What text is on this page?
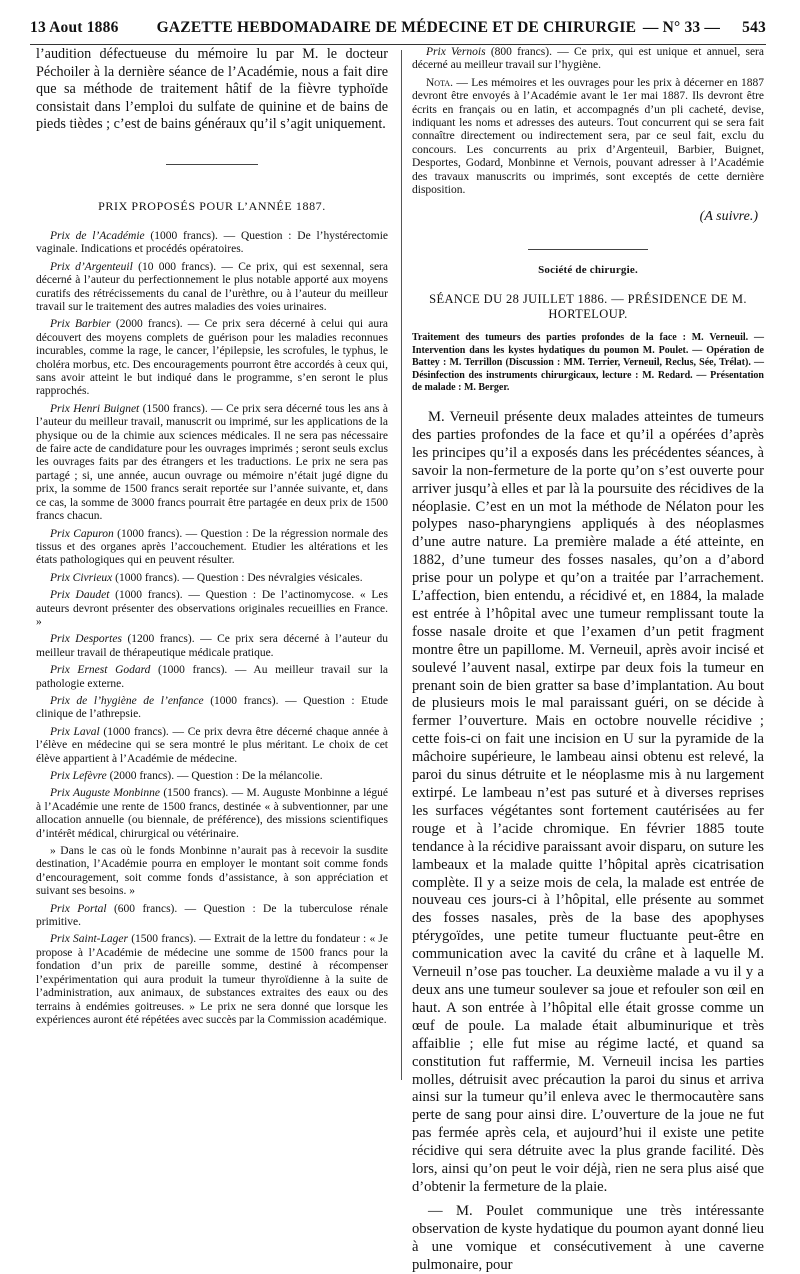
13 Aout 1886	GAZETTE HEBDOMADAIRE DE MÉDECINE ET DE CHIRURGIE — N° 33 — 543

l’audition défectueuse du mémoire lu par M. le docteur Péchoiler à la dernière séance de l’Académie, nous a fait dire que sa méthode de traitement hâtif de la fièvre typhoïde consistait dans l’emploi du sulfate de quinine et de bains de pieds tièdes ; c’est de bains généraux qu’il s’agit uniquement.

PRIX PROPOSÉS POUR L’ANNÉE 1887.

Prix de l’Académie (1000 francs). — Question : De l’hystérectomie vaginale. Indications et procédés opératoires.

Prix d’Argenteuil (10 000 francs). — Ce prix, qui est sexennal, sera décerné à l’auteur du perfectionnement le plus notable apporté aux moyens curatifs des rétrécissements du canal de l’urèthre, ou à l’auteur du meilleur travail sur le traitement des autres maladies des voies urinaires.

Prix Barbier (2000 francs). — Ce prix sera décerné à celui qui aura découvert des moyens complets de guérison pour les maladies reconnues incurables, comme la rage, le cancer, l’épilepsie, les scrofules, le typhus, le choléra morbus, etc. Des encouragements pourront être accordés à ceux qui, sans avoir atteint le but indiqué dans le programme, s’en seront le plus rapprochés.

Prix Henri Buignet (1500 francs). — Ce prix sera décerné tous les ans à l’auteur du meilleur travail, manuscrit ou imprimé, sur les applications de la physique ou de la chimie aux sciences médicales. Il ne sera pas nécessaire de faire acte de candidature pour les ouvrages imprimés ; seront seuls exclus les ouvrages faits par des étrangers et les traductions. Le prix ne sera pas partagé ; si, une année, aucun ouvrage ou mémoire n’était jugé digne du prix, la somme de 1500 francs serait reportée sur l’année suivante, et, dans ce cas, la somme de 3000 francs pourrait être partagée en deux prix de 1500 francs chacun.

Prix Capuron (1000 francs). — Question : De la régression normale des tissus et des organes après l’accouchement. Etudier les altérations et les états pathologiques qui en peuvent résulter.

Prix Civrieux (1000 francs). — Question : Des névralgies vésicales.

Prix Daudet (1000 francs). — Question : De l’actinomycose. « Les auteurs devront présenter des observations originales recueillies en France. »

Prix Desportes (1200 francs). — Ce prix sera décerné à l’auteur du meilleur travail de thérapeutique médicale pratique.

Prix Ernest Godard (1000 francs). — Au meilleur travail sur la pathologie externe.

Prix de l’hygiène de l’enfance (1000 francs). — Question : Etude clinique de l’athrepsie.

Prix Laval (1000 francs). — Ce prix devra être décerné chaque année à l’élève en médecine qui se sera montré le plus méritant. Le choix de cet élève appartient à l’Académie de médecine.

Prix Lefèvre (2000 francs). — Question : De la mélancolie.

Prix Auguste Monbinne (1500 francs). — M. Auguste Monbinne a légué à l’Académie une rente de 1500 francs, destinée « à subventionner, par une allocation annuelle (ou biennale, de préférence), des missions scientifiques d’intérêt médical, chirurgical ou vétérinaire.

» Dans le cas où le fonds Monbinne n’aurait pas à recevoir la susdite destination, l’Académie pourra en employer le montant soit comme fonds d’encouragement, soit comme fonds d’assistance, à son appréciation et suivant ses besoins. »

Prix Portal (600 francs). — Question : De la tuberculose rénale primitive.

Prix Saint-Lager (1500 francs). — Extrait de la lettre du fondateur : « Je propose à l’Académie de médecine une somme de 1500 francs pour la fondation d’un prix de pareille somme, destiné à récompenser l’expérimentation qui aura produit la tumeur thyroïdienne à la suite de l’administration, aux animaux, de substances extraites des eaux ou des terrains à endémies goitreuses. » Le prix ne sera donné que lorsque les expériences auront été répétées avec succès par la Commission académique.

Prix Vernois (800 francs). — Ce prix, qui est unique et annuel, sera décerné au meilleur travail sur l’hygiène.

Nota. — Les mémoires et les ouvrages pour les prix à décerner en 1887 devront être envoyés à l’Académie avant le 1er mai 1887. Ils devront être écrits en français ou en latin, et accompagnés d’un pli cacheté, devise, indiquant les noms et adresses des auteurs. Tout concurrent qui se sera fait connaître directement ou indirectement sera, par ce seul fait, exclu du concours. Les concurrents au prix d’Argenteuil, Barbier, Buignet, Desportes, Godard, Monbinne et Vernois, pouvant adresser à l’Académie des travaux manuscrits ou imprimés, sont exceptés de cette dernière disposition.

(A suivre.)
Société de chirurgie.
SÉANCE DU 28 JUILLET 1886. — PRÉSIDENCE DE M. HORTELOUP.

Traitement des tumeurs des parties profondes de la face : M. Verneuil. — Intervention dans les kystes hydatiques du poumon M. Poulet. — Opération de Battey : M. Terrillon (Discussion : MM. Terrier, Verneuil, Reclus, Sée, Trélat). — Désinfection des instruments chirurgicaux, lecture : M. Redard. — Présentation de malade : M. Berger.

M. Verneuil présente deux malades atteintes de tumeurs des parties profondes de la face et qu’il a opérées d’après les principes qu’il a exposés dans les précédentes séances, à savoir la non-fermeture de la porte qu’on s’est ouverte pour arriver jusqu’à elles et par là la poursuite des récidives de la néoplasie. C’est en un mot la méthode de Nélaton pour les polypes naso-pharyngiens appliqués à des néoplasmes d’une autre nature. La première malade a été atteinte, en 1882, d’une tumeur des fosses nasales, qu’on a d’abord prise pour un polype et qu’on a traitée par l’arrachement. L’affection, bien entendu, a récidivé et, en 1884, la malade est entrée à l’hôpital avec une tumeur remplissant toute la fosse nasale droite et que l’examen d’un petit fragment montre être un papillome. M. Verneuil, après avoir incisé et soulevé l’auvent nasal, extirpe par deux fois la tumeur en prenant soin de bien gratter sa base d’implantation. Au bout de plusieurs mois le mal paraissant guéri, on se décide à fermer l’ouverture. Mais en octobre nouvelle récidive ; cette fois-ci on fait une incision en U sur la pyramide de la mâchoire supérieure, le lambeau ainsi obtenu est relevé, la paroi du sinus détruite et le néoplasme mis à nu largement extirpé. Le lambeau n’est pas suturé et à diverses reprises les surfaces végétantes sont fortement cautérisées au fer rouge et à l’acide chromique. En février 1885 toute tendance à la récidive paraissant avoir disparu, on suture les lambeaux et la malade quitte l’hôpital après cicatrisation complète. Il y a seize mois de cela, la malade est entrée de nouveau ces jours-ci à l’hôpital, elle présente au sommet des fosses nasales, près de la base des apophyses ptérygoïdes, une petite tumeur fluctuante peut-être en communication avec la cavité du crâne et à laquelle M. Verneuil n’ose pas toucher. La deuxième malade a vu il y a deux ans une tumeur soulever sa joue et refouler son œil en haut. A son entrée à l’hôpital elle était grosse comme un œuf de poule. La malade était albuminurique et très affaiblie ; elle fut mise au régime lacté, et quand sa constitution fut raffermie, M. Verneuil incisa les parties molles, détruisit avec précaution la paroi du sinus et arriva ainsi sur la tumeur qu’il enleva avec le thermocautère sans perte de sang pour ainsi dire. L’ouverture de la joue ne fut pas fermée après cela, et aujourd’hui il existe une petite récidive qui sera détruite avec la plus grande facilité. Dès lors, ainsi qu’on peut le voir déjà, rien ne sera plus aisé que d’obtenir la fermeture de la plaie.

— M. Poulet communique une très intéressante observation de kyste hydatique du poumon ayant donné lieu à une vomique et consécutivement à une caverne pulmonaire, pour
